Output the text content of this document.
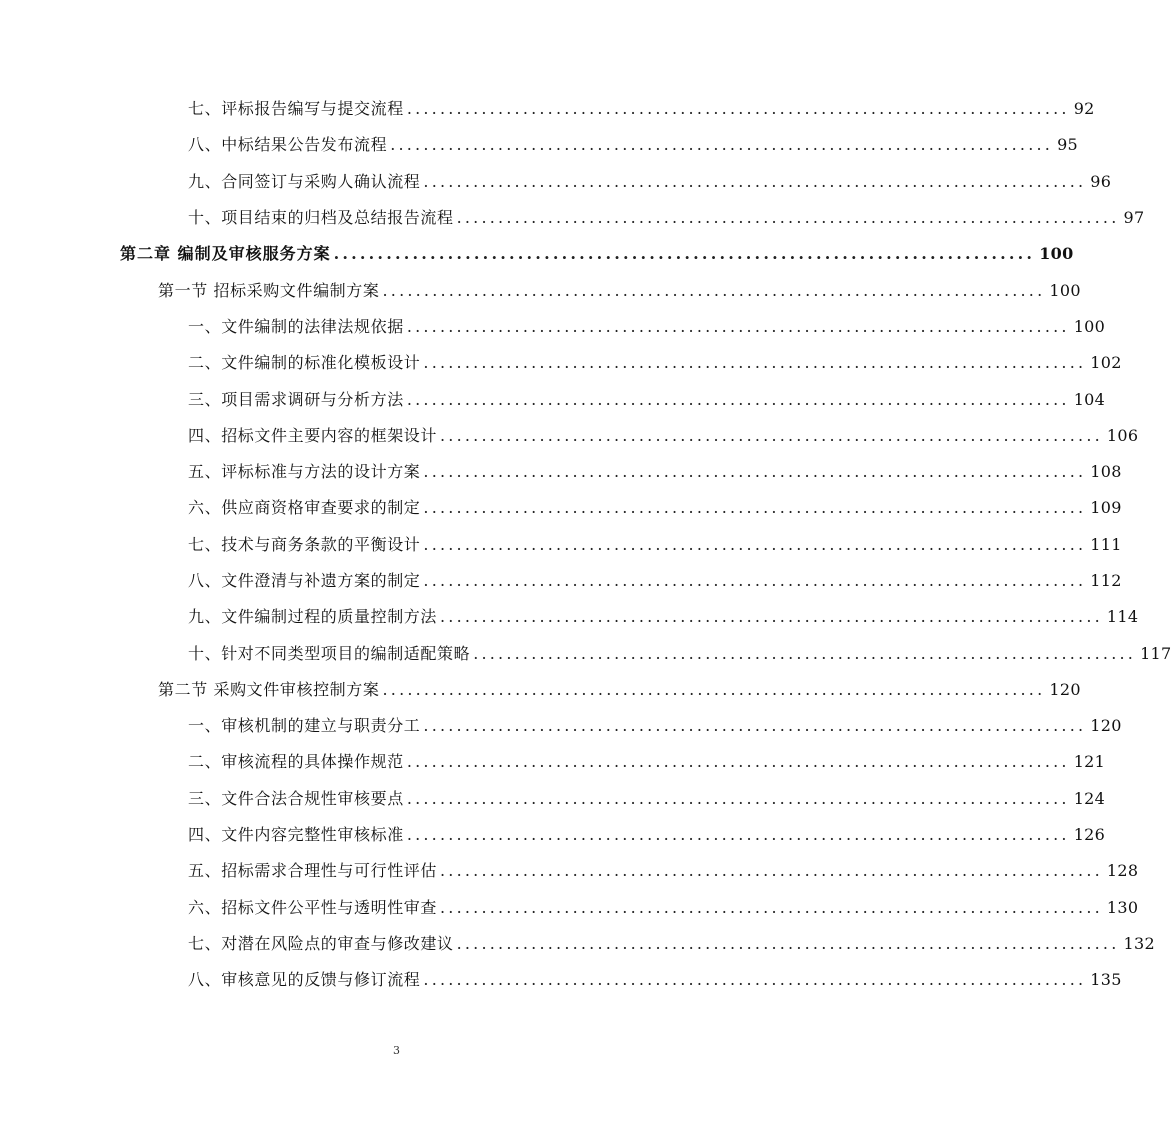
七、评标报告编写与提交流程 ................................................................................ 92
八、中标结果公告发布流程 ................................................................................ 95
九、合同签订与采购人确认流程 ................................................................................ 96
十、项目结束的归档及总结报告流程 ................................................................................ 97
第二章 编制及审核服务方案 ................................................................................ 100
第一节 招标采购文件编制方案 ................................................................................ 100
一、文件编制的法律法规依据 ................................................................................ 100
二、文件编制的标准化模板设计 ................................................................................ 102
三、项目需求调研与分析方法 ................................................................................ 104
四、招标文件主要内容的框架设计 ................................................................................ 106
五、评标标准与方法的设计方案 ................................................................................ 108
六、供应商资格审查要求的制定 ................................................................................ 109
七、技术与商务条款的平衡设计 ................................................................................ 111
八、文件澄清与补遗方案的制定 ................................................................................ 112
九、文件编制过程的质量控制方法 ................................................................................ 114
十、针对不同类型项目的编制适配策略 ................................................................................ 117
第二节 采购文件审核控制方案 ................................................................................ 120
一、审核机制的建立与职责分工 ................................................................................ 120
二、审核流程的具体操作规范 ................................................................................ 121
三、文件合法合规性审核要点 ................................................................................ 124
四、文件内容完整性审核标准 ................................................................................ 126
五、招标需求合理性与可行性评估 ................................................................................ 128
六、招标文件公平性与透明性审查 ................................................................................ 130
七、对潜在风险点的审查与修改建议 ................................................................................ 132
八、审核意见的反馈与修订流程 ................................................................................ 135
3
